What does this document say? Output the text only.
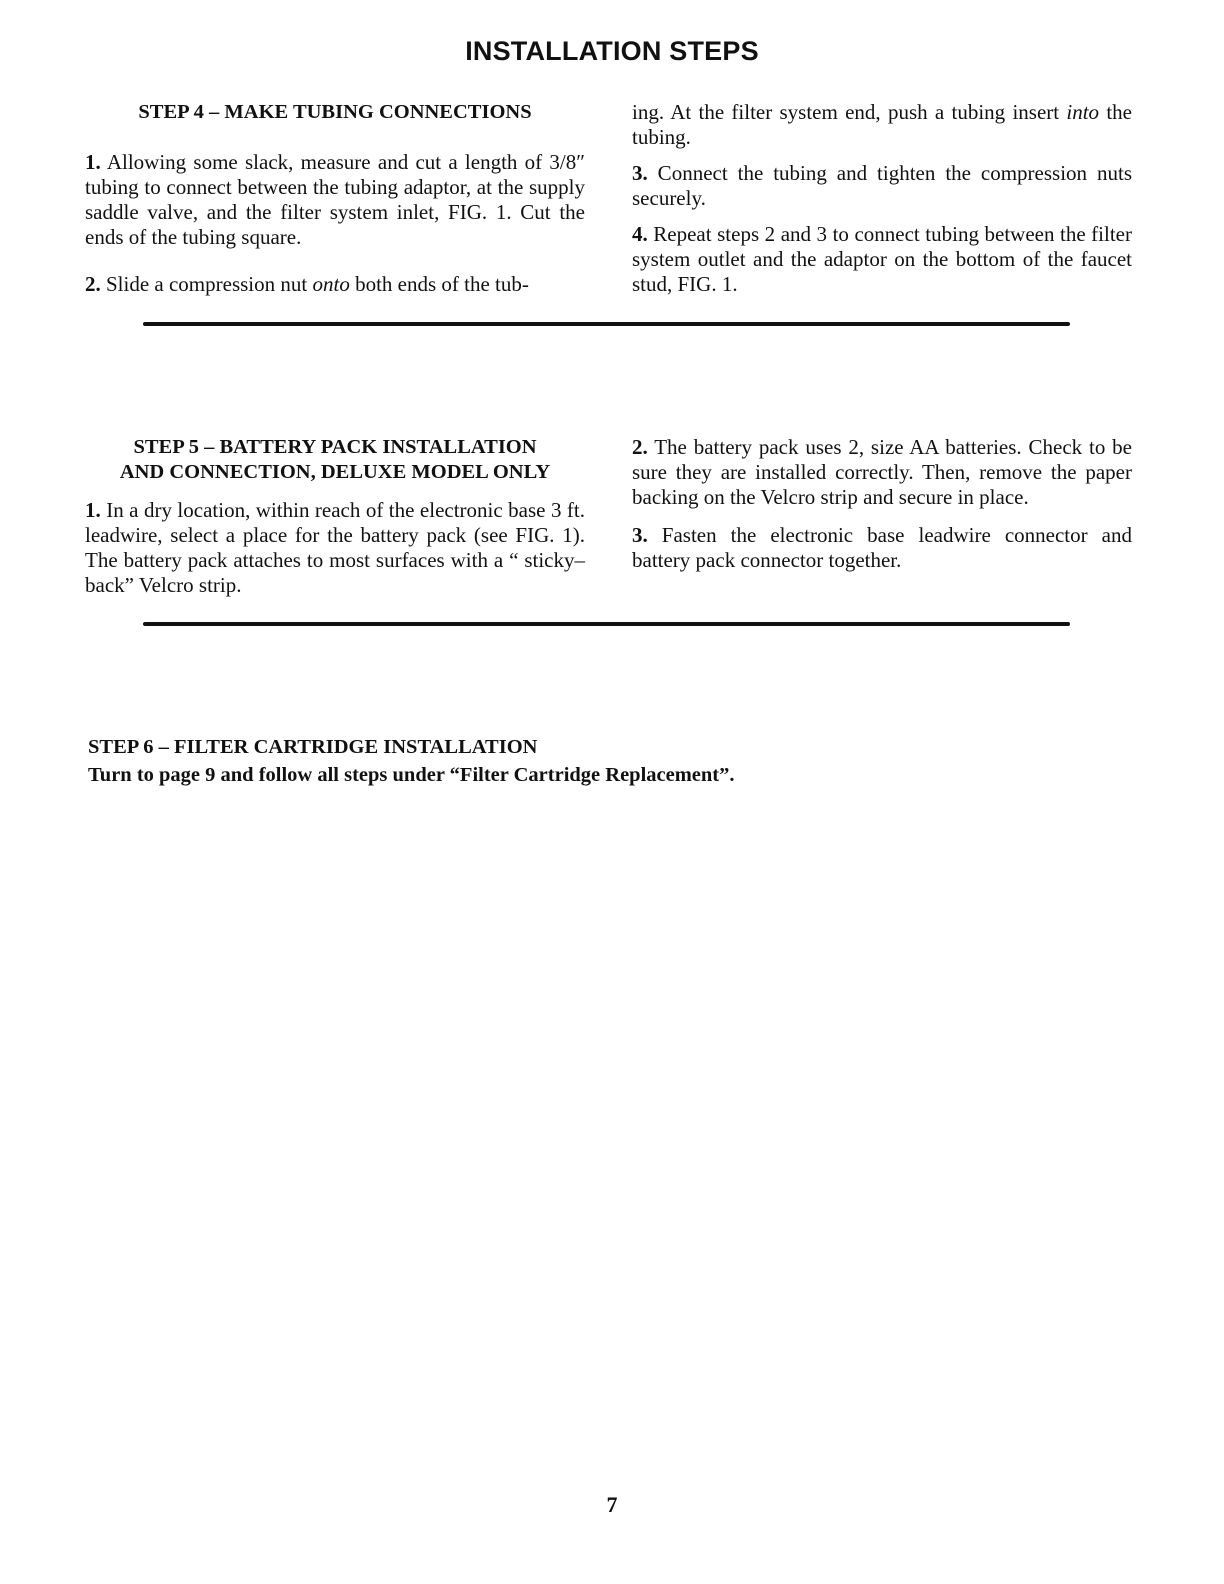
INSTALLATION STEPS
STEP 4 – MAKE TUBING CONNECTIONS

1. Allowing some slack, measure and cut a length of 3/8″ tubing to connect between the tubing adaptor, at the supply saddle valve, and the filter system inlet, FIG. 1. Cut the ends of the tubing square.

2. Slide a compression nut onto both ends of the tub-

ing. At the filter system end, push a tubing insert into the tubing.

3. Connect the tubing and tighten the compression nuts securely.

4. Repeat steps 2 and 3 to connect tubing between the filter system outlet and the adaptor on the bottom of the faucet stud, FIG. 1.

STEP 5 – BATTERY PACK INSTALLATION
AND CONNECTION, DELUXE MODEL ONLY

1. In a dry location, within reach of the electronic base 3 ft. leadwire, select a place for the battery pack (see FIG. 1). The battery pack attaches to most surfaces with a “ sticky–back” Velcro strip.

2. The battery pack uses 2, size AA batteries. Check to be sure they are installed correctly. Then, remove the paper backing on the Velcro strip and secure in place.

3. Fasten the electronic base leadwire connector and battery pack connector together.

STEP 6 – FILTER CARTRIDGE INSTALLATION
Turn to page 9 and follow all steps under “Filter Cartridge Replacement”.
7
